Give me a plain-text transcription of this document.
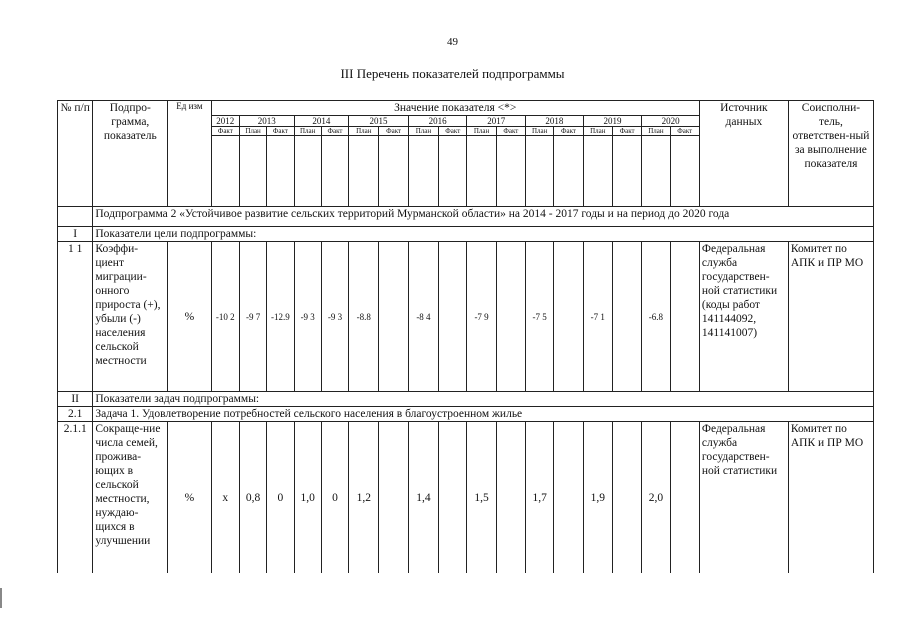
49
III Перечень показателей подпрограммы
№ п/п	Подпро-грамма, показатель	Ед изм	Значение показателя <*>																	Источник данных	Соисполни-тель, ответствен-ный за выполнение показателя
			2012	2013		2014		2015		2016		2017		2018		2019		2020			
			Факт	План	Факт	План	Факт	План	Факт	План	Факт	План	Факт	План	Факт	План	Факт	План	Факт		

	Подпрограмма 2 «Устойчивое развитие сельских территорий Мурманской области» на 2014 - 2017 годы и на период до 2020 года																				
I	Показатели цели подпрограммы:																				
1 1	Коэффи-циент миграции-онного прироста (+), убыли (-) населения сельской местности	%	-10 2	-9 7	-12.9	-9 3	-9 3	-8.8		-8 4		-7 9		-7 5		-7 1		-6.8		Федеральная служба государствен-ной статистики (коды работ 141144092, 141141007)	Комитет по АПК и ПР МО
II	Показатели задач подпрограммы:																				
2.1	Задача 1. Удовлетворение потребностей сельского населения в благоустроенном жилье																				
2.1.1	Сокраще-ние числа семей, прожива-ющих в сельской местности, нуждаю-щихся в улучшении	%	x	0,8	0	1,0	0	1,2		1,4		1,5		1,7		1,9		2,0		Федеральная служба государствен-ной статистики	Комитет по АПК и ПР МО
